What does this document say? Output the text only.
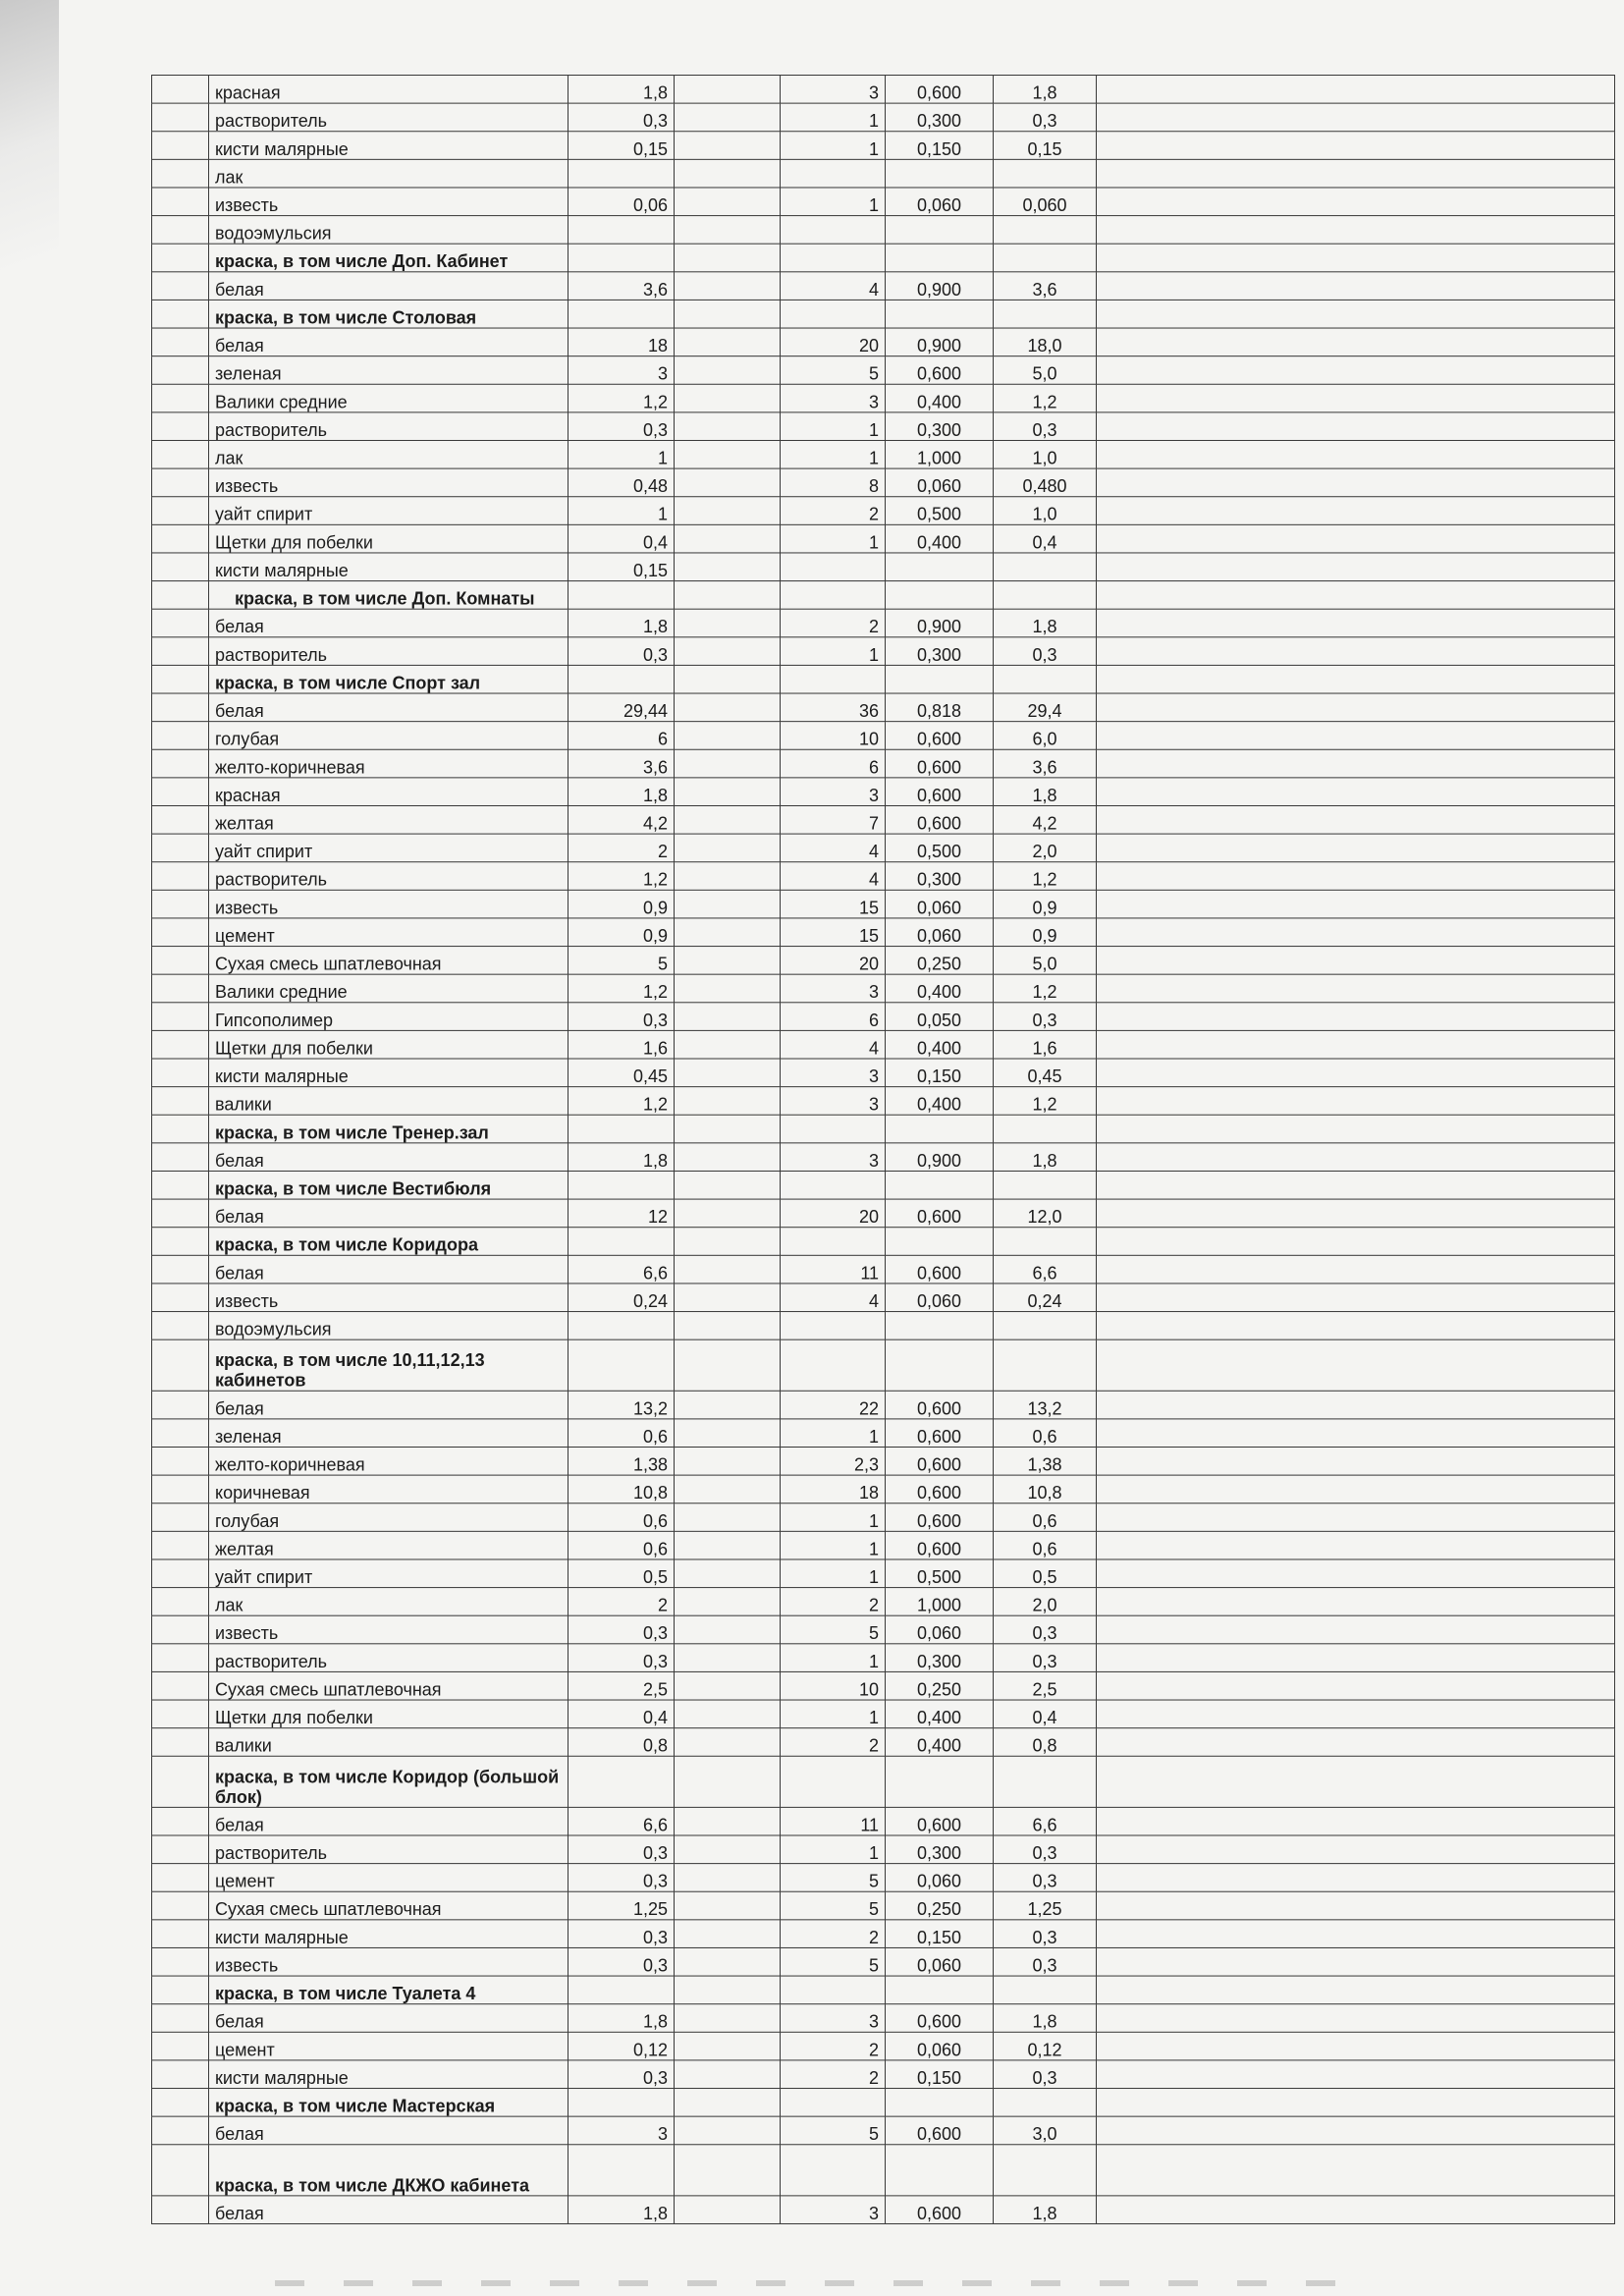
	красная	1,8		3	0,600	1,8	
	растворитель	0,3		1	0,300	0,3	
	кисти малярные	0,15		1	0,150	0,15	
	лак						
	известь	0,06		1	0,060	0,060	
	водоэмульсия						
	краска, в том числе Доп. Кабинет						
	белая	3,6		4	0,900	3,6	
	краска, в том числе Столовая						
	белая	18		20	0,900	18,0	
	зеленая	3		5	0,600	5,0	
	Валики средние	1,2		3	0,400	1,2	
	растворитель	0,3		1	0,300	0,3	
	лак	1		1	1,000	1,0	
	известь	0,48		8	0,060	0,480	
	уайт спирит	1		2	0,500	1,0	
	Щетки для побелки	0,4		1	0,400	0,4	
	кисти малярные	0,15					
	краска, в том числе Доп. Комнаты						
	белая	1,8		2	0,900	1,8	
	растворитель	0,3		1	0,300	0,3	
	краска, в том числе Спорт зал						
	белая	29,44		36	0,818	29,4	
	голубая	6		10	0,600	6,0	
	желто-коричневая	3,6		6	0,600	3,6	
	красная	1,8		3	0,600	1,8	
	желтая	4,2		7	0,600	4,2	
	уайт спирит	2		4	0,500	2,0	
	растворитель	1,2		4	0,300	1,2	
	известь	0,9		15	0,060	0,9	
	цемент	0,9		15	0,060	0,9	
	Сухая смесь шпатлевочная	5		20	0,250	5,0	
	Валики средние	1,2		3	0,400	1,2	
	Гипсополимер	0,3		6	0,050	0,3	
	Щетки для побелки	1,6		4	0,400	1,6	
	кисти малярные	0,45		3	0,150	0,45	
	валики	1,2		3	0,400	1,2	
	краска, в том числе Тренер.зал						
	белая	1,8		3	0,900	1,8	
	краска, в том числе Вестибюля						
	белая	12		20	0,600	12,0	
	краска, в том числе Коридора						
	белая	6,6		11	0,600	6,6	
	известь	0,24		4	0,060	0,24	
	водоэмульсия						
	краска, в том числе 10,11,12,13 кабинетов						
	белая	13,2		22	0,600	13,2	
	зеленая	0,6		1	0,600	0,6	
	желто-коричневая	1,38		2,3	0,600	1,38	
	коричневая	10,8		18	0,600	10,8	
	голубая	0,6		1	0,600	0,6	
	желтая	0,6		1	0,600	0,6	
	уайт спирит	0,5		1	0,500	0,5	
	лак	2		2	1,000	2,0	
	известь	0,3		5	0,060	0,3	
	растворитель	0,3		1	0,300	0,3	
	Сухая смесь шпатлевочная	2,5		10	0,250	2,5	
	Щетки для побелки	0,4		1	0,400	0,4	
	валики	0,8		2	0,400	0,8	
	краска, в том числе Коридор (большой блок)						
	белая	6,6		11	0,600	6,6	
	растворитель	0,3		1	0,300	0,3	
	цемент	0,3		5	0,060	0,3	
	Сухая смесь шпатлевочная	1,25		5	0,250	1,25	
	кисти малярные	0,3		2	0,150	0,3	
	известь	0,3		5	0,060	0,3	
	краска, в том числе Туалета 4						
	белая	1,8		3	0,600	1,8	
	цемент	0,12		2	0,060	0,12	
	кисти малярные	0,3		2	0,150	0,3	
	краска, в том числе Мастерская						
	белая	3		5	0,600	3,0	
	краска, в том числе ДКЖО кабинета						
	белая	1,8		3	0,600	1,8	
